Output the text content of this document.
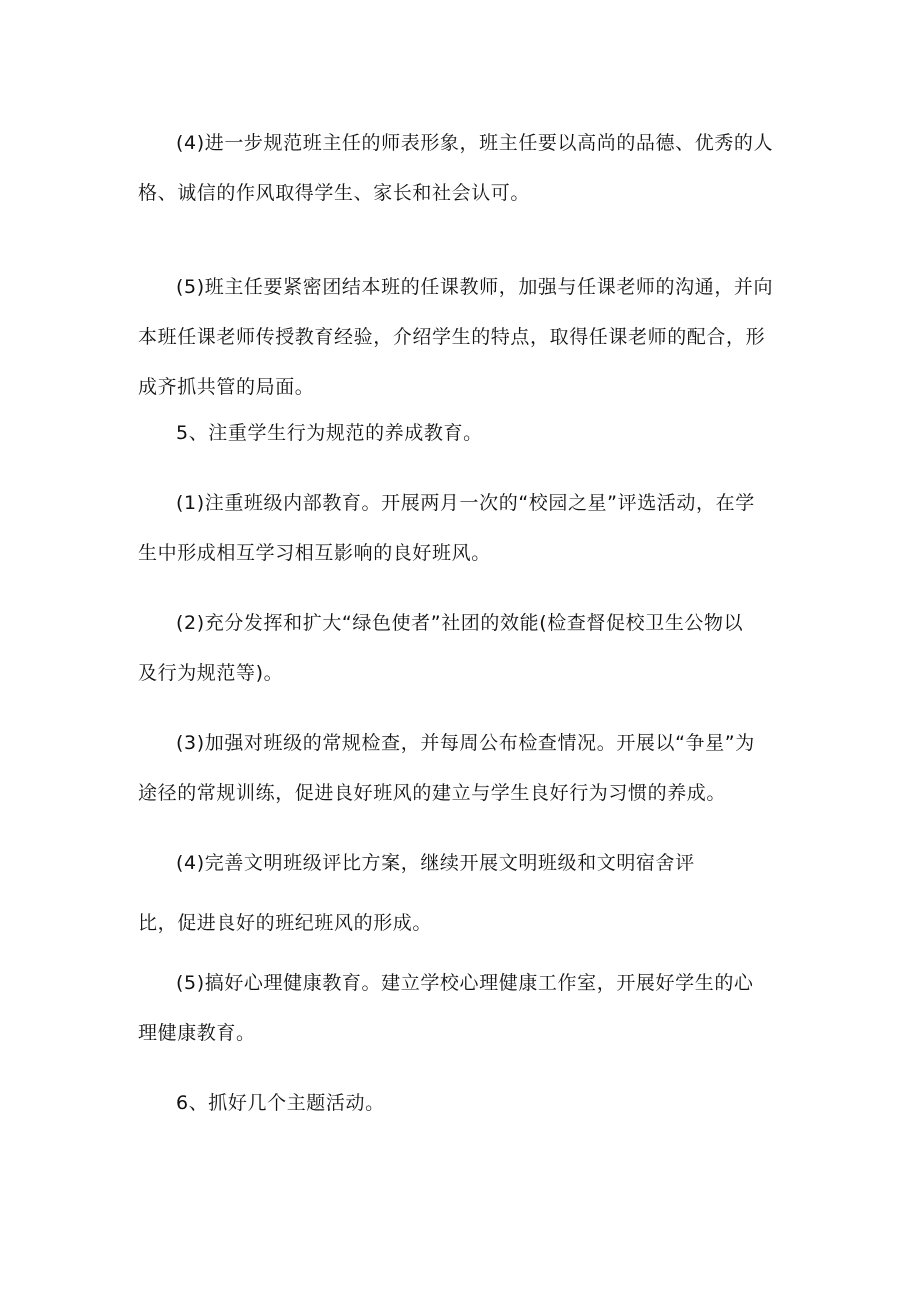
(4)进一步规范班主任的师表形象，班主任要以高尚的品德、优秀的人
格、诚信的作风取得学生、家长和社会认可。

(5)班主任要紧密团结本班的任课教师，加强与任课老师的沟通，并向
本班任课老师传授教育经验，介绍学生的特点，取得任课老师的配合，形
成齐抓共管的局面。

5、注重学生行为规范的养成教育。

(1)注重班级内部教育。开展两月一次的“校园之星”评选活动，在学
生中形成相互学习相互影响的良好班风。

(2)充分发挥和扩大“绿色使者”社团的效能(检查督促校卫生公物以
及行为规范等)。

(3)加强对班级的常规检查，并每周公布检查情况。开展以“争星”为
途径的常规训练，促进良好班风的建立与学生良好行为习惯的养成。

(4)完善文明班级评比方案，继续开展文明班级和文明宿舍评
比，促进良好的班纪班风的形成。

(5)搞好心理健康教育。建立学校心理健康工作室，开展好学生的心
理健康教育。

6、抓好几个主题活动。
